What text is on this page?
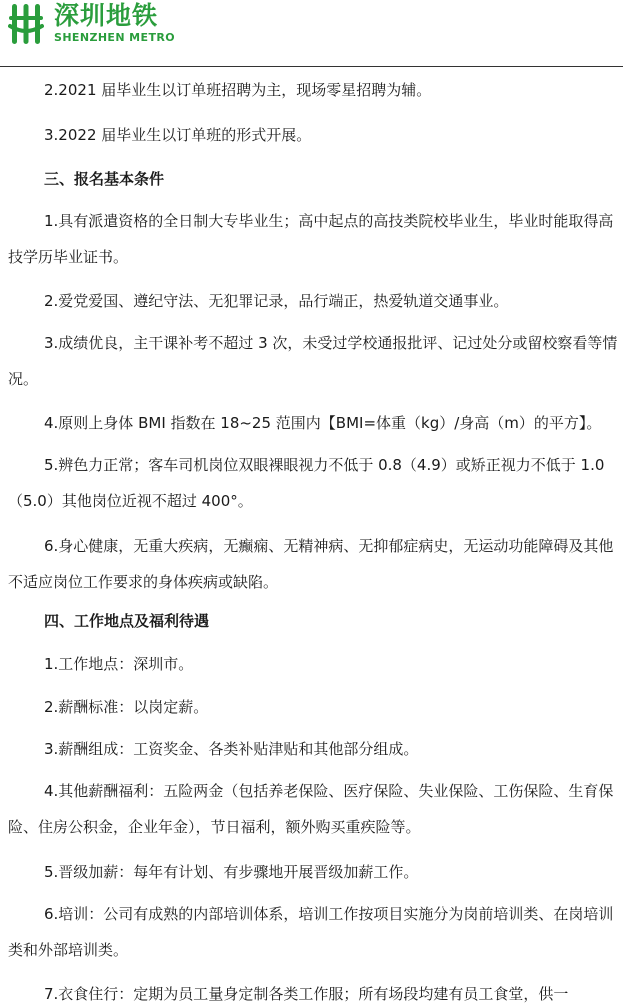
深圳地铁
SHENZHEN METRO

2.2021 届毕业生以订单班招聘为主，现场零星招聘为辅。

3.2022 届毕业生以订单班的形式开展。

三、报名基本条件

1.具有派遣资格的全日制大专毕业生；高中起点的高技类院校毕业生，毕业时能取得高技学历毕业证书。

2.爱党爱国、遵纪守法、无犯罪记录，品行端正，热爱轨道交通事业。

3.成绩优良，主干课补考不超过 3 次，未受过学校通报批评、记过处分或留校察看等情况。

4.原则上身体 BMI 指数在 18~25 范围内【BMI=体重（kg）/身高（m）的平方】。

5.辨色力正常；客车司机岗位双眼裸眼视力不低于 0.8（4.9）或矫正视力不低于 1.0（5.0）其他岗位近视不超过 400°。

6.身心健康，无重大疾病，无癫痫、无精神病、无抑郁症病史，无运动功能障碍及其他不适应岗位工作要求的身体疾病或缺陷。

四、工作地点及福利待遇

1.工作地点：深圳市。

2.薪酬标准：以岗定薪。

3.薪酬组成：工资奖金、各类补贴津贴和其他部分组成。

4.其他薪酬福利：五险两金（包括养老保险、医疗保险、失业保险、工伤保险、生育保险、住房公积金，企业年金），节日福利，额外购买重疾险等。

5.晋级加薪：每年有计划、有步骤地开展晋级加薪工作。

6.培训：公司有成熟的内部培训体系，培训工作按项目实施分为岗前培训类、在岗培训类和外部培训类。

7.衣食住行：定期为员工量身定制各类工作服；所有场段均建有员工食堂，供一
